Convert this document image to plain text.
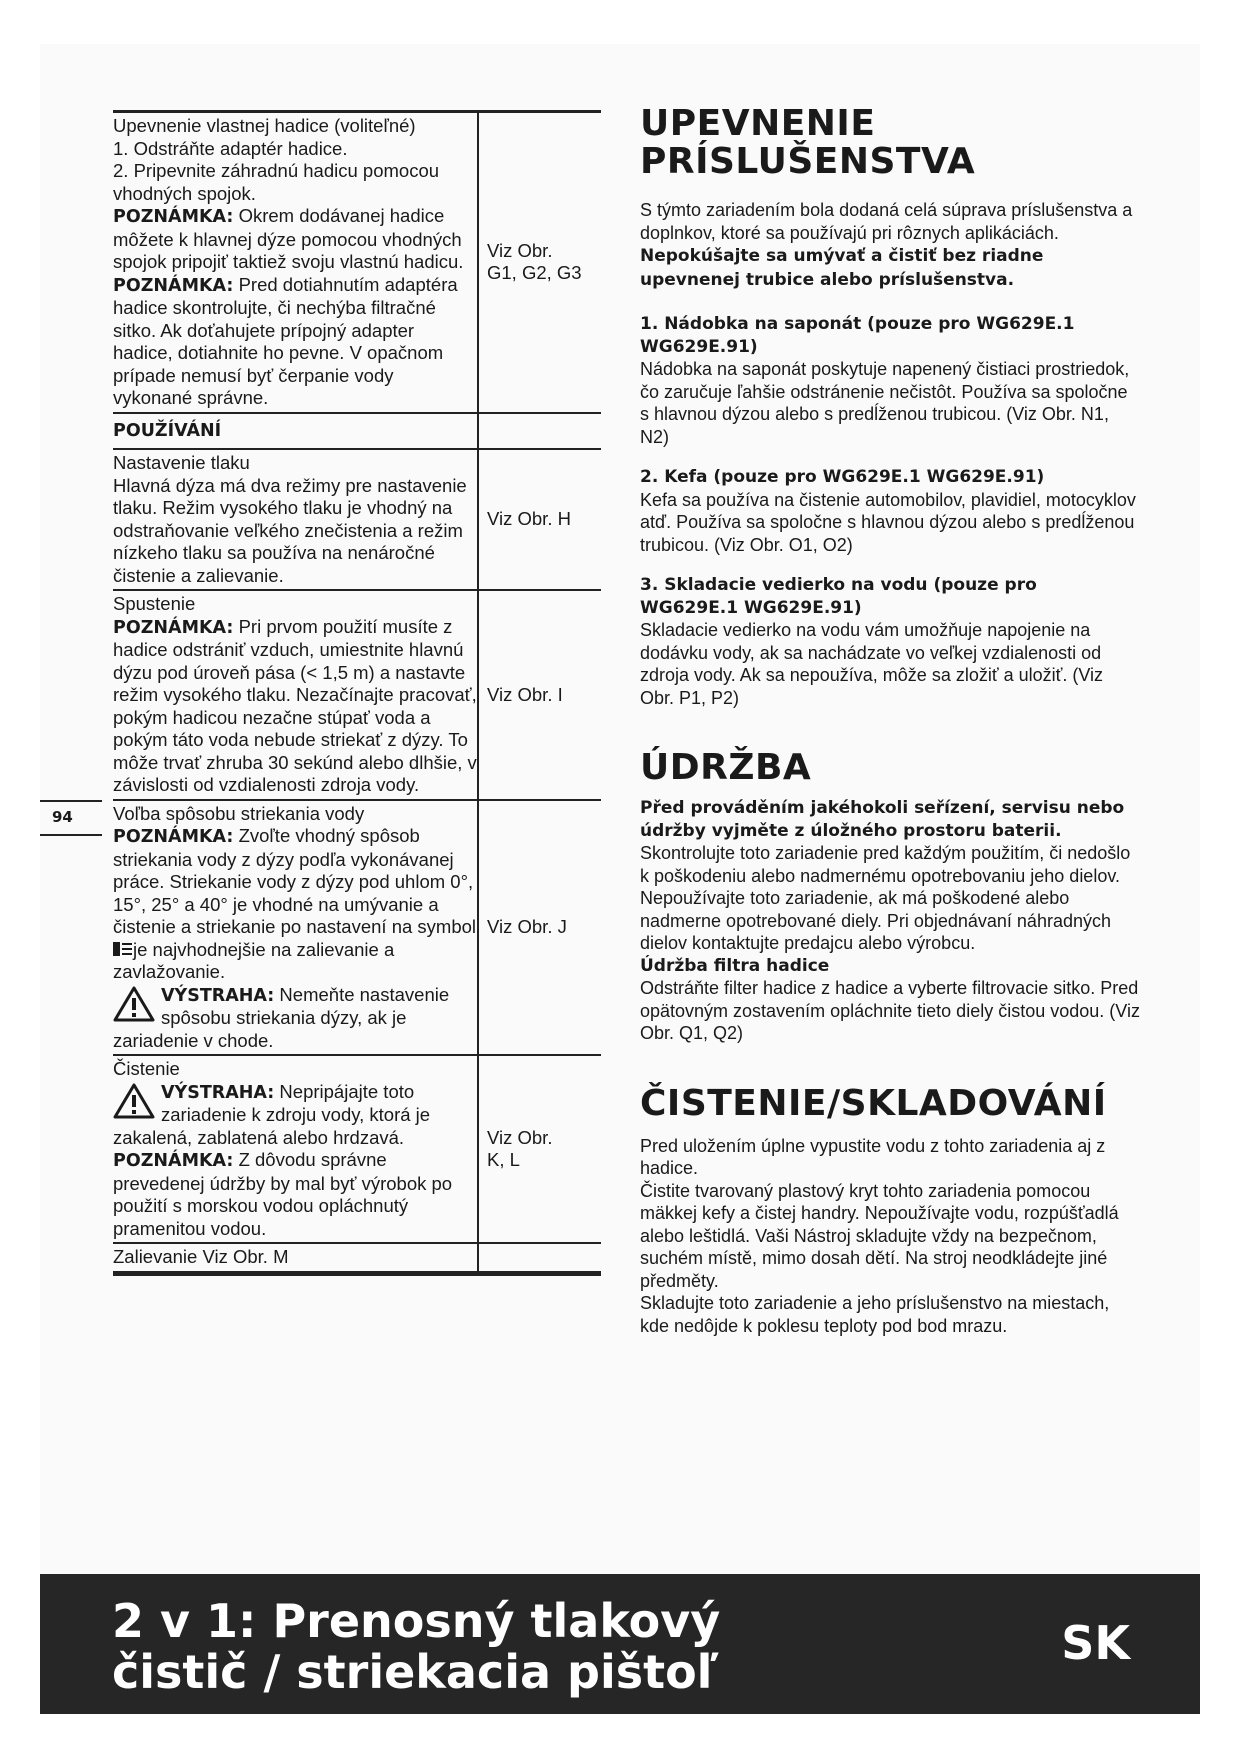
Upevnenie vlastnej hadice (voliteľné)
1. Odstráňte adaptér hadice.
2. Pripevnite záhradnú hadicu pomocou vhodných spojok.
POZNÁMKA: Okrem dodávanej hadice môžete k hlavnej dýze pomocou vhodných spojok pripojiť taktiež svoju vlastnú hadicu.
POZNÁMKA: Pred dotiahnutím adaptéra hadice skontrolujte, či nechýba filtračné sitko. Ak doťahujete prípojný adapter hadice, dotiahnite ho pevne. V opačnom prípade nemusí byť čerpanie vody vykonané správne.
Viz Obr.
G1, G2, G3
POUŽÍVÁNÍ
Nastavenie tlaku
Hlavná dýza má dva režimy pre nastavenie tlaku. Režim vysokého tlaku je vhodný na odstraňovanie veľkého znečistenia a režim nízkeho tlaku sa používa na nenáročné čistenie a zalievanie.
Viz Obr. H
Spustenie
POZNÁMKA: Pri prvom použití musíte z hadice odstrániť vzduch, umiestnite hlavnú dýzu pod úroveň pása (< 1,5 m) a nastavte režim vysokého tlaku. Nezačínajte pracovať, pokým hadicou nezačne stúpať voda a pokým táto voda nebude striekať z dýzy. To môže trvať zhruba 30 sekúnd alebo dlhšie, v závislosti od vzdialenosti zdroja vody.
Viz Obr. I
Voľba spôsobu striekania vody
POZNÁMKA: Zvoľte vhodný spôsob striekania vody z dýzy podľa vykonávanej práce. Striekanie vody z dýzy pod uhlom 0°, 15°, 25° a 40° je vhodné na umývanie a čistenie a striekanie po nastavení na symbolje najvhodnejšie na zalievanie a zavlažovanie.
VÝSTRAHA: Nemeňte nastavenie spôsobu striekania dýzy, ak je
zariadenie v chode.
Viz Obr. J
Čistenie
VÝSTRAHA: Nepripájajte toto zariadenie k zdroju vody, ktorá je
zakalená, zablatená alebo hrdzavá.
POZNÁMKA: Z dôvodu správne prevedenej údržby by mal byť výrobok po použití s morskou vodou opláchnutý pramenitou vodou.
Viz Obr.
K, L
Zalievanie Viz Obr. M
94
UPEVNENIE
PRÍSLUŠENSTVA
S týmto zariadením bola dodaná celá súprava príslušenstva a doplnkov, ktoré sa používajú pri rôznych aplikáciách. Nepokúšajte sa umývať a čistiť bez riadne upevnenej trubice alebo príslušenstva.
1. Nádobka na saponát (pouze pro WG629E.1 WG629E.91)
Nádobka na saponát poskytuje napenený čistiaci prostriedok, čo zaručuje ľahšie odstránenie nečistôt. Používa sa spoločne s hlavnou dýzou alebo s predĺženou trubicou. (Viz Obr. N1, N2)
2. Kefa (pouze pro WG629E.1 WG629E.91)
Kefa sa používa na čistenie automobilov, plavidiel, motocyklov atď. Používa sa spoločne s hlavnou dýzou alebo s predĺženou trubicou. (Viz Obr. O1, O2)
3. Skladacie vedierko na vodu (pouze pro WG629E.1 WG629E.91)
Skladacie vedierko na vodu vám umožňuje napojenie na dodávku vody, ak sa nachádzate vo veľkej vzdialenosti od zdroja vody. Ak sa nepoužíva, môže sa zložiť a uložiť. (Viz Obr. P1, P2)
ÚDRŽBA
Před prováděním jakéhokoli seřízení, servisu nebo údržby vyjměte z úložného prostoru baterii.
Skontrolujte toto zariadenie pred každým použitím, či nedošlo k poškodeniu alebo nadmernému opotrebovaniu jeho dielov. Nepoužívajte toto zariadenie, ak má poškodené alebo nadmerne opotrebované diely. Pri objednávaní náhradných dielov kontaktujte predajcu alebo výrobcu.
Údržba filtra hadice
Odstráňte filter hadice z hadice a vyberte filtrovacie sitko. Pred opätovným zostavením opláchnite tieto diely čistou vodou. (Viz Obr. Q1, Q2)
ČISTENIE/SKLADOVÁNÍ
Pred uložením úplne vypustite vodu z tohto zariadenia aj z hadice.
Čistite tvarovaný plastový kryt tohto zariadenia pomocou mäkkej kefy a čistej handry. Nepoužívajte vodu, rozpúšťadlá alebo leštidlá. Vaši Nástroj skladujte vždy na bezpečnom, suchém místě, mimo dosah dětí. Na stroj neodkládejte jiné předměty.
Skladujte toto zariadenie a jeho príslušenstvo na miestach, kde nedôjde k poklesu teploty pod bod mrazu.
2 v 1: Prenosný tlakový
čistič / striekacia pištoľ
SK
